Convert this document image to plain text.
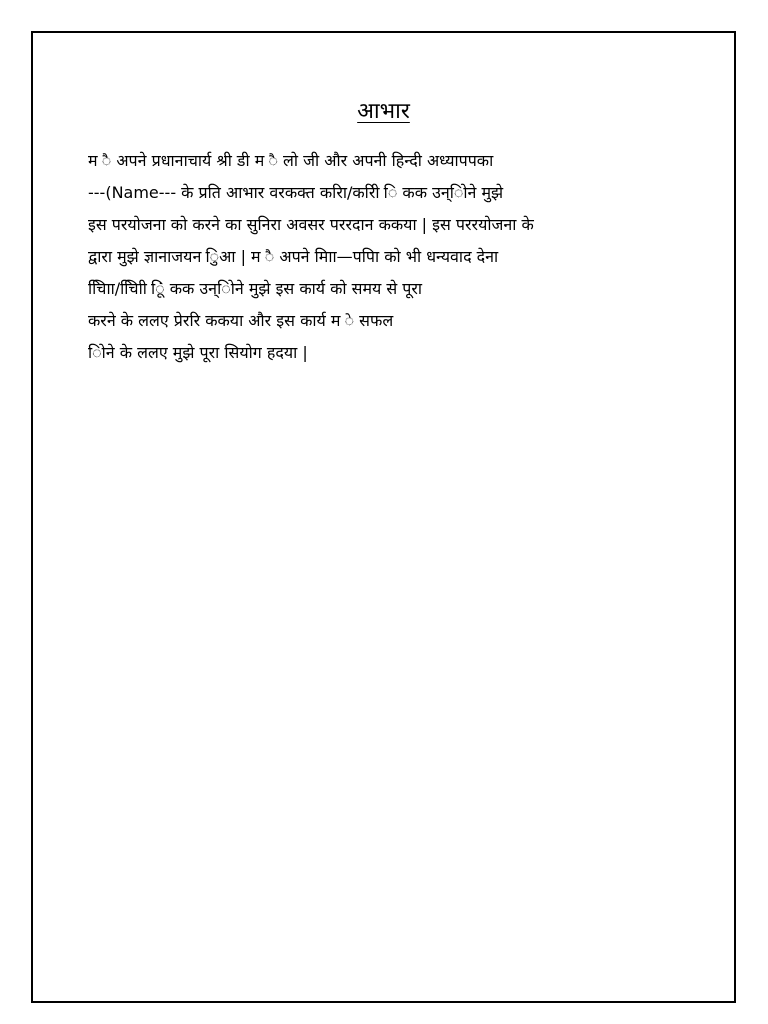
आभार
म ै अपने प्रधानाचार्य श्री डी म ै लो जी और अपनी हिन्दी अध्यापपका
---(Name--- के प्रति आभार वरकक्त करिा/करिी ि कक उन्िोने मुझे
इस परयोजना को करने का सुनिरा अवसर पररदान ककया | इस पररयोजना के
द्वारा मुझे ज्ञानाजयन िुआ | म ै अपने मािा—पपिा को भी धन्यवाद देना
चाििा/चाििी िूं कक उन्िोने मुझे इस कार्य को समय से पूरा
करने के ललए प्रेररि ककया और इस कार्य म े सफल
िोने के ललए मुझे पूरा सियोग हदया |
